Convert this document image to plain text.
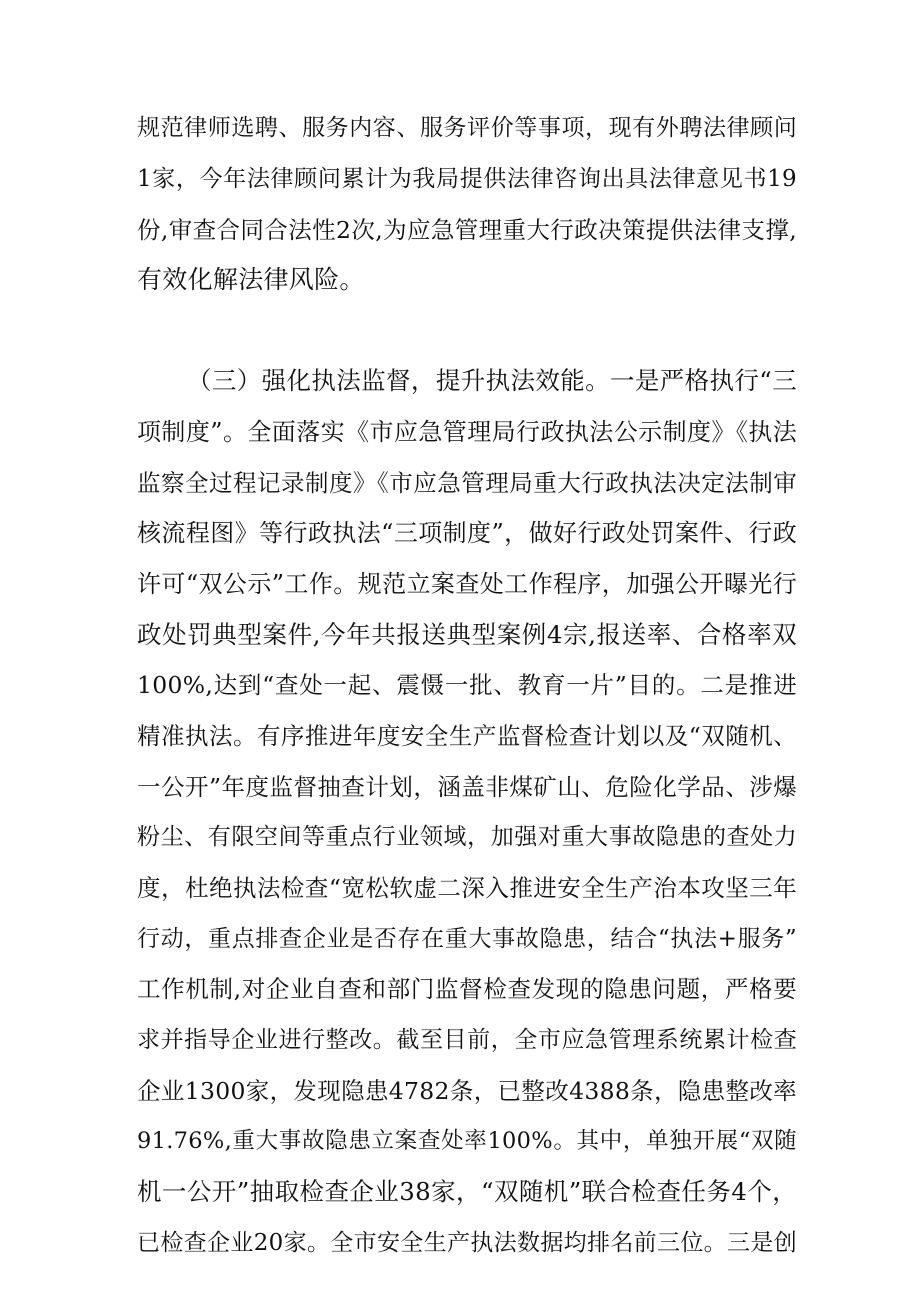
规范律师选聘、服务内容、服务评价等事项，现有外聘法律顾问
1家，今年法律顾问累计为我局提供法律咨询出具法律意见书19
份,审查合同合法性2次,为应急管理重大行政决策提供法律支撑,
有效化解法律风险。
（三）强化执法监督，提升执法效能。一是严格执行“三
项制度”。全面落实《市应急管理局行政执法公示制度》《执法
监察全过程记录制度》《市应急管理局重大行政执法决定法制审
核流程图》等行政执法“三项制度”，做好行政处罚案件、行政
许可“双公示”工作。规范立案查处工作程序，加强公开曝光行
政处罚典型案件,今年共报送典型案例4宗,报送率、合格率双
100%,达到“查处一起、震慑一批、教育一片”目的。二是推进
精准执法。有序推进年度安全生产监督检查计划以及“双随机、
一公开”年度监督抽查计划，涵盖非煤矿山、危险化学品、涉爆
粉尘、有限空间等重点行业领域，加强对重大事故隐患的查处力
度，杜绝执法检查“宽松软虚二深入推进安全生产治本攻坚三年
行动，重点排查企业是否存在重大事故隐患，结合“执法+服务”
工作机制,对企业自查和部门监督检查发现的隐患问题，严格要
求并指导企业进行整改。截至目前，全市应急管理系统累计检查
企业1300家，发现隐患4782条，已整改4388条，隐患整改率
91.76%,重大事故隐患立案查处率100%。其中，单独开展“双随
机一公开”抽取检查企业38家，“双随机”联合检查任务4个，
已检查企业20家。全市安全生产执法数据均排名前三位。三是创
